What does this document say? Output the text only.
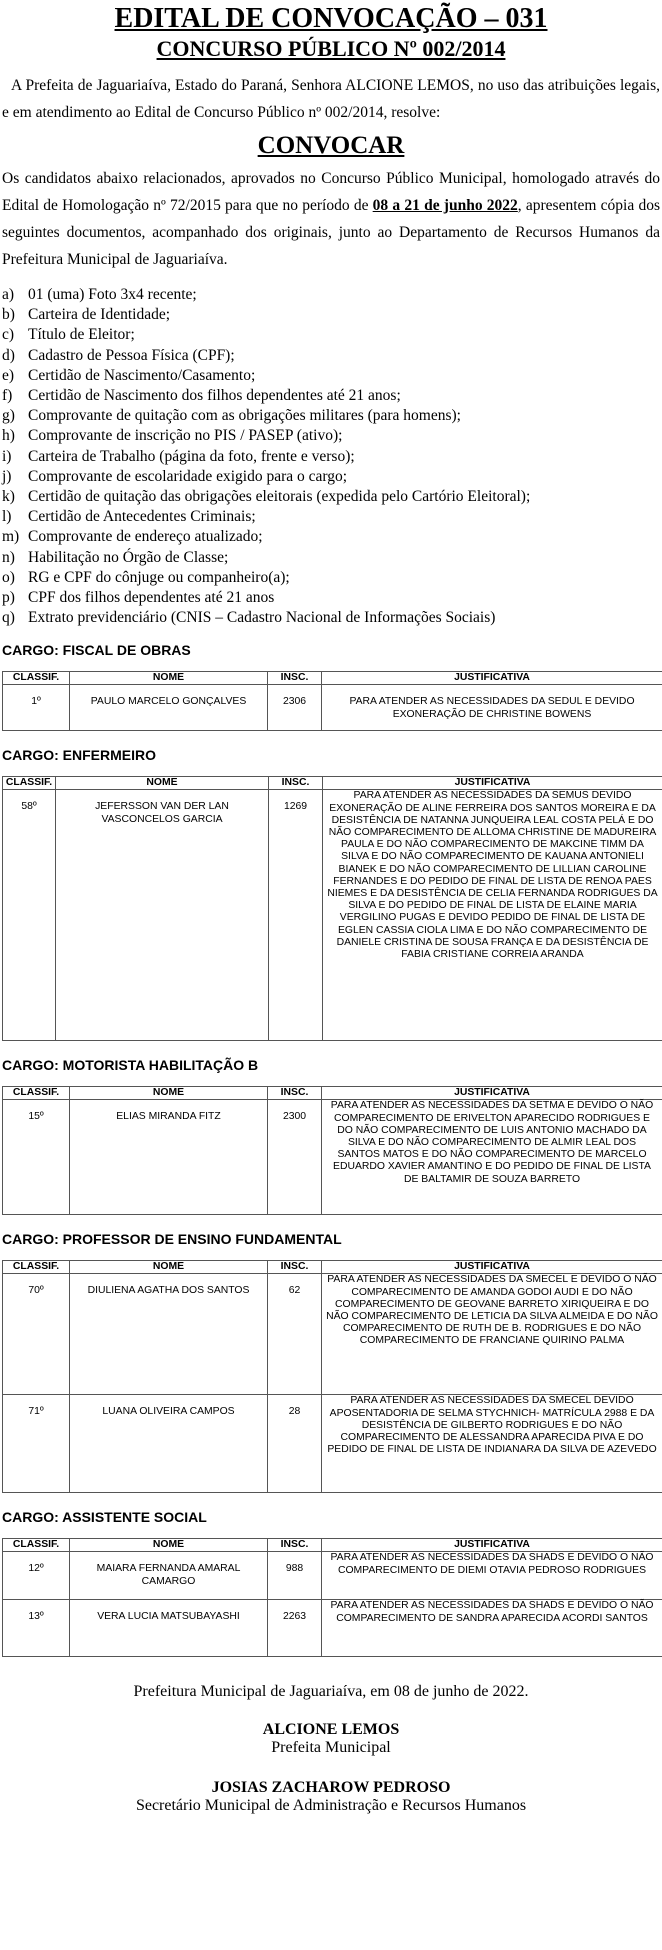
EDITAL DE CONVOCAÇÃO – 031

CONCURSO PÚBLICO Nº 002/2014

A Prefeita de Jaguariaíva, Estado do Paraná, Senhora ALCIONE LEMOS, no uso das atribuições legais, e em atendimento ao Edital de Concurso Público nº 002/2014, resolve:

CONVOCAR

Os candidatos abaixo relacionados, aprovados no Concurso Público Municipal, homologado através do Edital de Homologação nº 72/2015 para que no período de 08 a 21 de junho 2022, apresentem cópia dos seguintes documentos, acompanhado dos originais, junto ao Departamento de Recursos Humanos da Prefeitura Municipal de Jaguariaíva.

a) 01 (uma) Foto 3x4 recente;
b) Carteira de Identidade;
c) Título de Eleitor;
d) Cadastro de Pessoa Física (CPF);
e) Certidão de Nascimento/Casamento;
f)	Certidão de Nascimento dos filhos dependentes até 21 anos;
g) Comprovante de quitação com as obrigações militares (para homens);
h) Comprovante de inscrição no PIS / PASEP (ativo);
i)	Carteira de Trabalho (página da foto, frente e verso);
j)	Comprovante de escolaridade exigido para o cargo;
k) Certidão de quitação das obrigações eleitorais (expedida pelo Cartório Eleitoral);
l)	Certidão de Antecedentes Criminais;
m) Comprovante de endereço atualizado;
n) Habilitação no Órgão de Classe;
o) RG e CPF do cônjuge ou companheiro(a);
p) CPF dos filhos dependentes até 21 anos
q) Extrato previdenciário (CNIS – Cadastro Nacional de Informações Sociais)

CARGO: FISCAL DE OBRAS

CLASSIF.	NOME	INSC.	JUSTIFICATIVA

1º	PAULO MARCELO GONÇALVES	2306	PARA ATENDER AS NECESSIDADES DA SEDUL E DEVIDO EXONERAÇÃO DE CHRISTINE BOWENS

CARGO: ENFERMEIRO

CLASSIF.	NOME	INSC.	JUSTIFICATIVA

58º	JEFERSSON VAN DER LAN VASCONCELOS GARCIA	1269	PARA ATENDER AS NECESSIDADES DA SEMUS DEVIDO EXONERAÇÃO DE ALINE FERREIRA DOS SANTOS MOREIRA E DA DESISTÊNCIA DE NATANNA JUNQUEIRA LEAL COSTA PELÁ E DO NÃO COMPARECIMENTO DE ALLOMA CHRISTINE DE MADUREIRA PAULA E DO NÃO COMPARECIMENTO DE MAKCINE TIMM DA SILVA E DO NÃO COMPARECIMENTO DE KAUANA ANTONIELI BIANEK E DO NÃO COMPARECIMENTO DE LILLIAN CAROLINE FERNANDES E DO PEDIDO DE FINAL DE LISTA DE RENOA PAES NIEMES E DA DESISTÊNCIA DE CELIA FERNANDA RODRIGUES DA SILVA E DO PEDIDO DE FINAL DE LISTA DE ELAINE MARIA VERGILINO PUGAS E DEVIDO PEDIDO DE FINAL DE LISTA DE EGLEN CASSIA CIOLA LIMA E DO NÃO COMPARECIMENTO DE DANIELE CRISTINA DE SOUSA FRANÇA E DA DESISTÊNCIA DE FABIA CRISTIANE CORREIA ARANDA

CARGO: MOTORISTA HABILITAÇÃO B

CLASSIF.	NOME	INSC.	JUSTIFICATIVA

15º	ELIAS MIRANDA FITZ	2300	PARA ATENDER AS NECESSIDADES DA SETMA E DEVIDO O NÃO COMPARECIMENTO DE ERIVELTON APARECIDO RODRIGUES E DO NÃO COMPARECIMENTO DE LUIS ANTONIO MACHADO DA SILVA E DO NÃO COMPARECIMENTO DE ALMIR LEAL DOS SANTOS MATOS E DO NÃO COMPARECIMENTO DE MARCELO EDUARDO XAVIER AMANTINO E DO PEDIDO DE FINAL DE LISTA DE BALTAMIR DE SOUZA BARRETO

CARGO: PROFESSOR DE ENSINO FUNDAMENTAL

CLASSIF.	NOME	INSC.	JUSTIFICATIVA

70º	DIULIENA AGATHA DOS SANTOS	62	PARA ATENDER AS NECESSIDADES DA SMECEL E DEVIDO O NÃO COMPARECIMENTO DE AMANDA GODOI AUDI E DO NÃO COMPARECIMENTO DE GEOVANE BARRETO XIRIQUEIRA E DO NÃO COMPARECIMENTO DE LETICIA DA SILVA ALMEIDA E DO NÃO COMPARECIMENTO DE RUTH DE B. RODRIGUES E DO NÃO COMPARECIMENTO DE FRANCIANE QUIRINO PALMA

71º	LUANA OLIVEIRA CAMPOS	28	PARA ATENDER AS NECESSIDADES DA SMECEL DEVIDO APOSENTADORIA DE SELMA STYCHNICH- MATRÍCULA 2988 E DA DESISTÊNCIA DE GILBERTO RODRIGUES E DO NÃO COMPARECIMENTO DE ALESSANDRA APARECIDA PIVA E DO PEDIDO DE FINAL DE LISTA DE INDIANARA DA SILVA DE AZEVEDO

CARGO: ASSISTENTE SOCIAL

CLASSIF.	NOME	INSC.	JUSTIFICATIVA

12º	MAIARA FERNANDA AMARAL CAMARGO	988	PARA ATENDER AS NECESSIDADES DA SHADS E DEVIDO O NÃO COMPARECIMENTO DE DIEMI OTAVIA PEDROSO RODRIGUES

13º	VERA LUCIA MATSUBAYASHI	2263	PARA ATENDER AS NECESSIDADES DA SHADS E DEVIDO O NÃO COMPARECIMENTO DE SANDRA APARECIDA ACORDI SANTOS
Prefeitura Municipal de Jaguariaíva, em 08 de junho de 2022.
ALCIONE LEMOS
Prefeita Municipal
JOSIAS ZACHAROW PEDROSO
Secretário Municipal de Administração e Recursos Humanos
